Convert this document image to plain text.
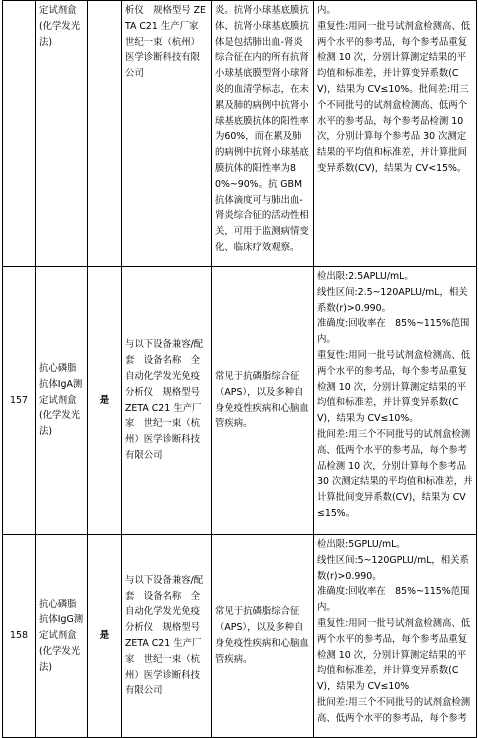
	定试剂盒(化学发光法)		析仪　规格型号 ZETA C21 生产厂家　世纪一束（杭州）医学诊断科技有限公司	炎。抗肾小球基底膜抗体、抗肾小球基底膜抗体是包括肺出血-肾炎综合征在内的所有抗肾小球基底膜型肾小球肾炎的血清学标志，在未累及肺的病例中抗肾小球基底膜抗体的阳性率为60%，而在累及肺的病例中抗肾小球基底膜抗体的阳性率为80%~90%。抗 GBM 抗体滴度可与肺出血-肾炎综合征的活动性相关，可用于监测病情变化、临床疗效观察。	内。
重复性:用同一批号试剂盒检测高、低两个水平的参考品，每个参考品重复检测 10 次，分别计算测定结果的平均值和标准差，并计算变异系数(CV)，结果为 CV≤10%。批间差:用三个不同批号的试剂盒检测高、低两个水平的参考品，每个参考品检测 10 次，分别计算每个参考品 30 次测定结果的平均值和标准差，并计算批间变异系数(CV)，结果为 CV<15%。

157	抗心磷脂抗体IgA测定试剂盒(化学发光法)	是	与以下设备兼容/配套　设备名称　全自动化学发光免疫分析仪　规格型号 ZETA C21 生产厂家　世纪一束（杭州）医学诊断科技有限公司	常见于抗磷脂综合征（APS），以及多种自身免疫性疾病和心脑血管疾病。	检出限:2.5APLU/mL。
线性区间:2.5~120APLU/mL，相关系数(r)>0.990。
准确度:回收率在　85%~115%范围内。
重复性:用同一批号试剂盒检测高、低两个水平的参考品，每个参考品重复检测 10 次，分别计算测定结果的平均值和标准差，并计算变异系数(CV)，结果为 CV≤10%。
批间差:用三个不同批号的试剂盒检测高、低两个水平的参考品，每个参考品检测 10 次，分别计算每个参考品 30 次测定结果的平均值和标准差，并计算批间变异系数(CV)，结果为 CV≤15%。

158	抗心磷脂抗体IgG测定试剂盒(化学发光法)	是	与以下设备兼容/配套　设备名称　全自动化学发光免疫分析仪　规格型号 ZETA C21 生产厂家　世纪一束（杭州）医学诊断科技有限公司	常见于抗磷脂综合征（APS），以及多种自身免疫性疾病和心脑血管疾病。	检出限:5GPLU/mL。
线性区间:5~120GPLU/mL，相关系数(r)>0.990。
准确度:回收率在　85%~115%范围内。
重复性:用同一批号试剂盒检测高、低两个水平的参考品，每个参考品重复检测 10 次，分别计算测定结果的平均值和标准差，并计算变异系数(CV)，结果为 CV≤10%
批间差:用三个不同批号的试剂盒检测高、低两个水平的参考品，每个参考
